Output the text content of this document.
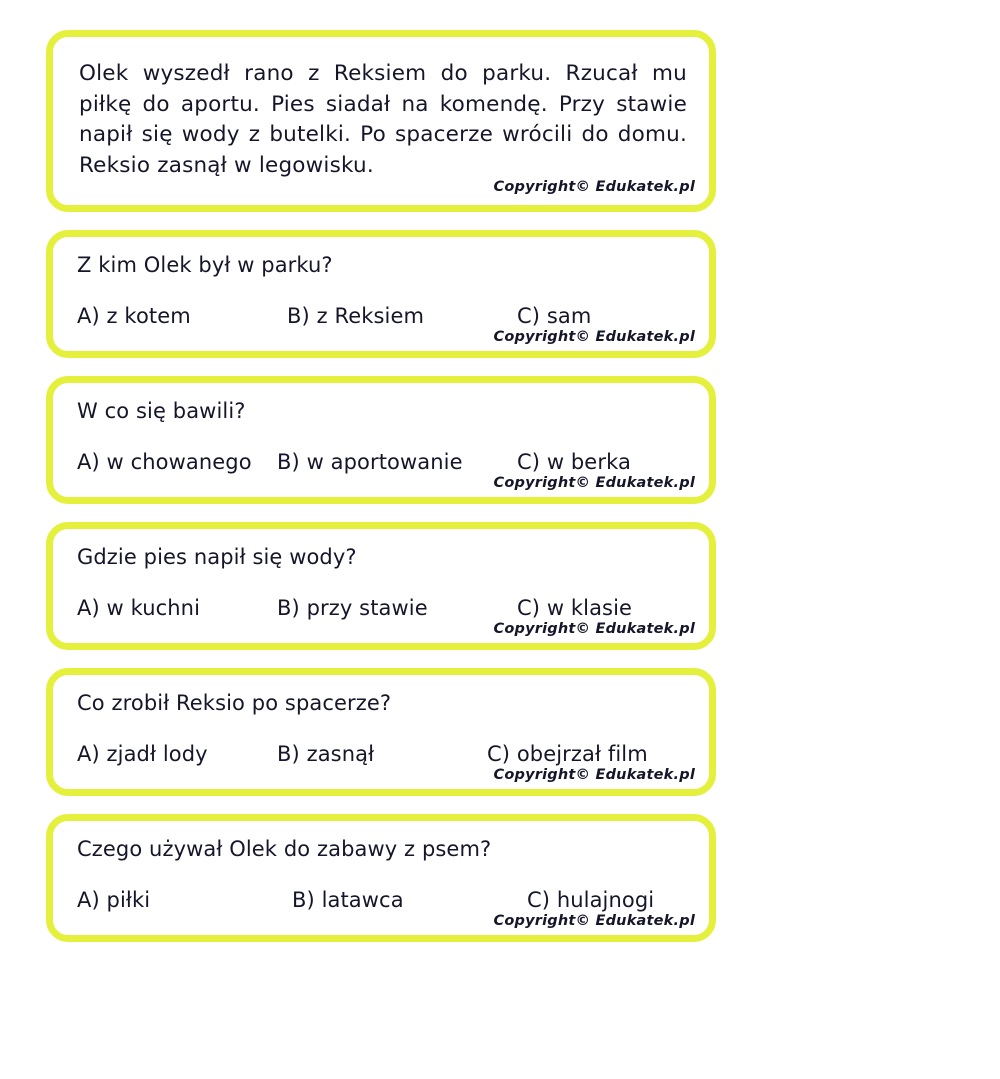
Olek wyszedł rano z Reksiem do parku. Rzucał mu piłkę do aportu. Pies siadał na komendę. Przy stawie napił się wody z butelki. Po spacerze wrócili do domu. Reksio zasnął w legowisku.

Copyright© Edukatek.pl
Z kim Olek był w parku?
A) z kotem	B) z Reksiem	C) sam
Copyright© Edukatek.pl
W co się bawili?
A) w chowanego	B) w aportowanie	C) w berka
Copyright© Edukatek.pl
Gdzie pies napił się wody?
A) w kuchni	B) przy stawie	C) w klasie
Copyright© Edukatek.pl
Co zrobił Reksio po spacerze?
A) zjadł lody	B) zasnął	C) obejrzał film
Copyright© Edukatek.pl
Czego używał Olek do zabawy z psem?
A) piłki	B) latawca	C) hulajnogi
Copyright© Edukatek.pl
